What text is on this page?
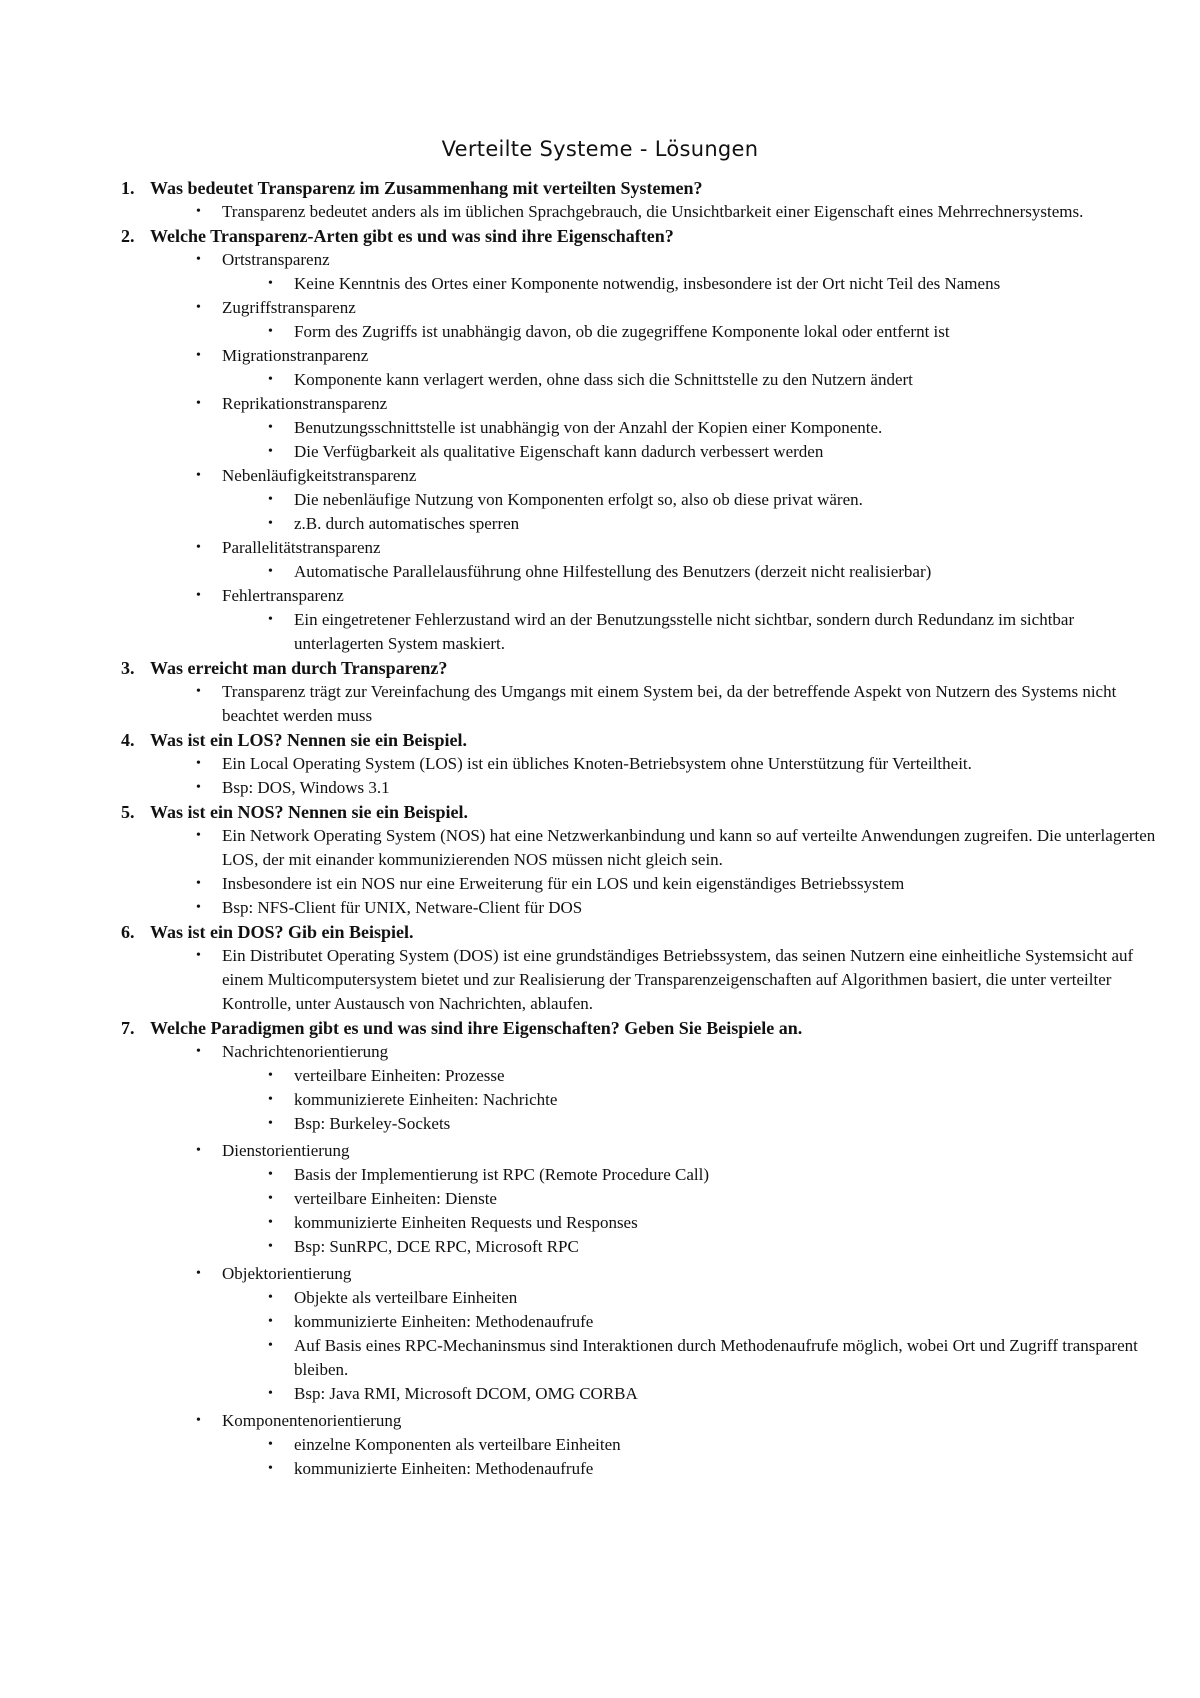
Verteilte Systeme - Lösungen
1. Was bedeutet Transparenz im Zusammenhang mit verteilten Systemen?
• Transparenz bedeutet anders als im üblichen Sprachgebrauch, die Unsichtbarkeit einer Eigenschaft eines Mehrrechnersystems.
2. Welche Transparenz-Arten gibt es und was sind ihre Eigenschaften?
• Ortstransparenz
• Keine Kenntnis des Ortes einer Komponente notwendig, insbesondere ist der Ort nicht Teil des Namens
• Zugriffstransparenz
• Form des Zugriffs ist unabhängig davon, ob die zugegriffene Komponente lokal oder entfernt ist
• Migrationstranparenz
• Komponente kann verlagert werden, ohne dass sich die Schnittstelle zu den Nutzern ändert
• Reprikationstransparenz
• Benutzungsschnittstelle ist unabhängig von der Anzahl der Kopien einer Komponente.
• Die Verfügbarkeit als qualitative Eigenschaft kann dadurch verbessert werden
• Nebenläufigkeitstransparenz
• Die nebenläufige Nutzung von Komponenten erfolgt so, also ob diese privat wären.
• z.B. durch automatisches sperren
• Parallelitätstransparenz
• Automatische Parallelausführung ohne Hilfestellung des Benutzers (derzeit nicht realisierbar)
• Fehlertransparenz
• Ein eingetretener Fehlerzustand wird an der Benutzungsstelle nicht sichtbar, sondern durch Redundanz im sichtbar unterlagerten System maskiert.
3. Was erreicht man durch Transparenz?
• Transparenz trägt zur Vereinfachung des Umgangs mit einem System bei, da der betreffende Aspekt von Nutzern des Systems nicht beachtet werden muss
4. Was ist ein LOS? Nennen sie ein Beispiel.
• Ein Local Operating System (LOS) ist ein übliches Knoten-Betriebsystem ohne Unterstützung für Verteiltheit.
• Bsp: DOS, Windows 3.1
5. Was ist ein NOS? Nennen sie ein Beispiel.
• Ein Network Operating System (NOS) hat eine Netzwerkanbindung und kann so auf verteilte Anwendungen zugreifen. Die unterlagerten LOS, der mit einander kommunizierenden NOS müssen nicht gleich sein.
• Insbesondere ist ein NOS nur eine Erweiterung für ein LOS und kein eigenständiges Betriebssystem
• Bsp: NFS-Client für UNIX, Netware-Client für DOS
6. Was ist ein DOS? Gib ein Beispiel.
• Ein Distributet Operating System (DOS) ist eine grundständiges Betriebssystem, das seinen Nutzern eine einheitliche Systemsicht auf einem Multicomputersystem bietet und zur Realisierung der Transparenzeigenschaften auf Algorithmen basiert, die unter verteilter Kontrolle, unter Austausch von Nachrichten, ablaufen.
7. Welche Paradigmen gibt es und was sind ihre Eigenschaften? Geben Sie Beispiele an.
• Nachrichtenorientierung
• verteilbare Einheiten: Prozesse
• kommunizierete Einheiten: Nachrichte
• Bsp: Burkeley-Sockets
• Dienstorientierung
• Basis der Implementierung ist RPC (Remote Procedure Call)
• verteilbare Einheiten: Dienste
• kommunizierte Einheiten Requests und Responses
• Bsp: SunRPC, DCE RPC, Microsoft RPC
• Objektorientierung
• Objekte als verteilbare Einheiten
• kommunizierte Einheiten: Methodenaufrufe
• Auf Basis eines RPC-Mechaninsmus sind Interaktionen durch Methodenaufrufe möglich, wobei Ort und Zugriff transparent bleiben.
• Bsp: Java RMI, Microsoft DCOM, OMG CORBA
• Komponentenorientierung
• einzelne Komponenten als verteilbare Einheiten
• kommunizierte Einheiten: Methodenaufrufe
